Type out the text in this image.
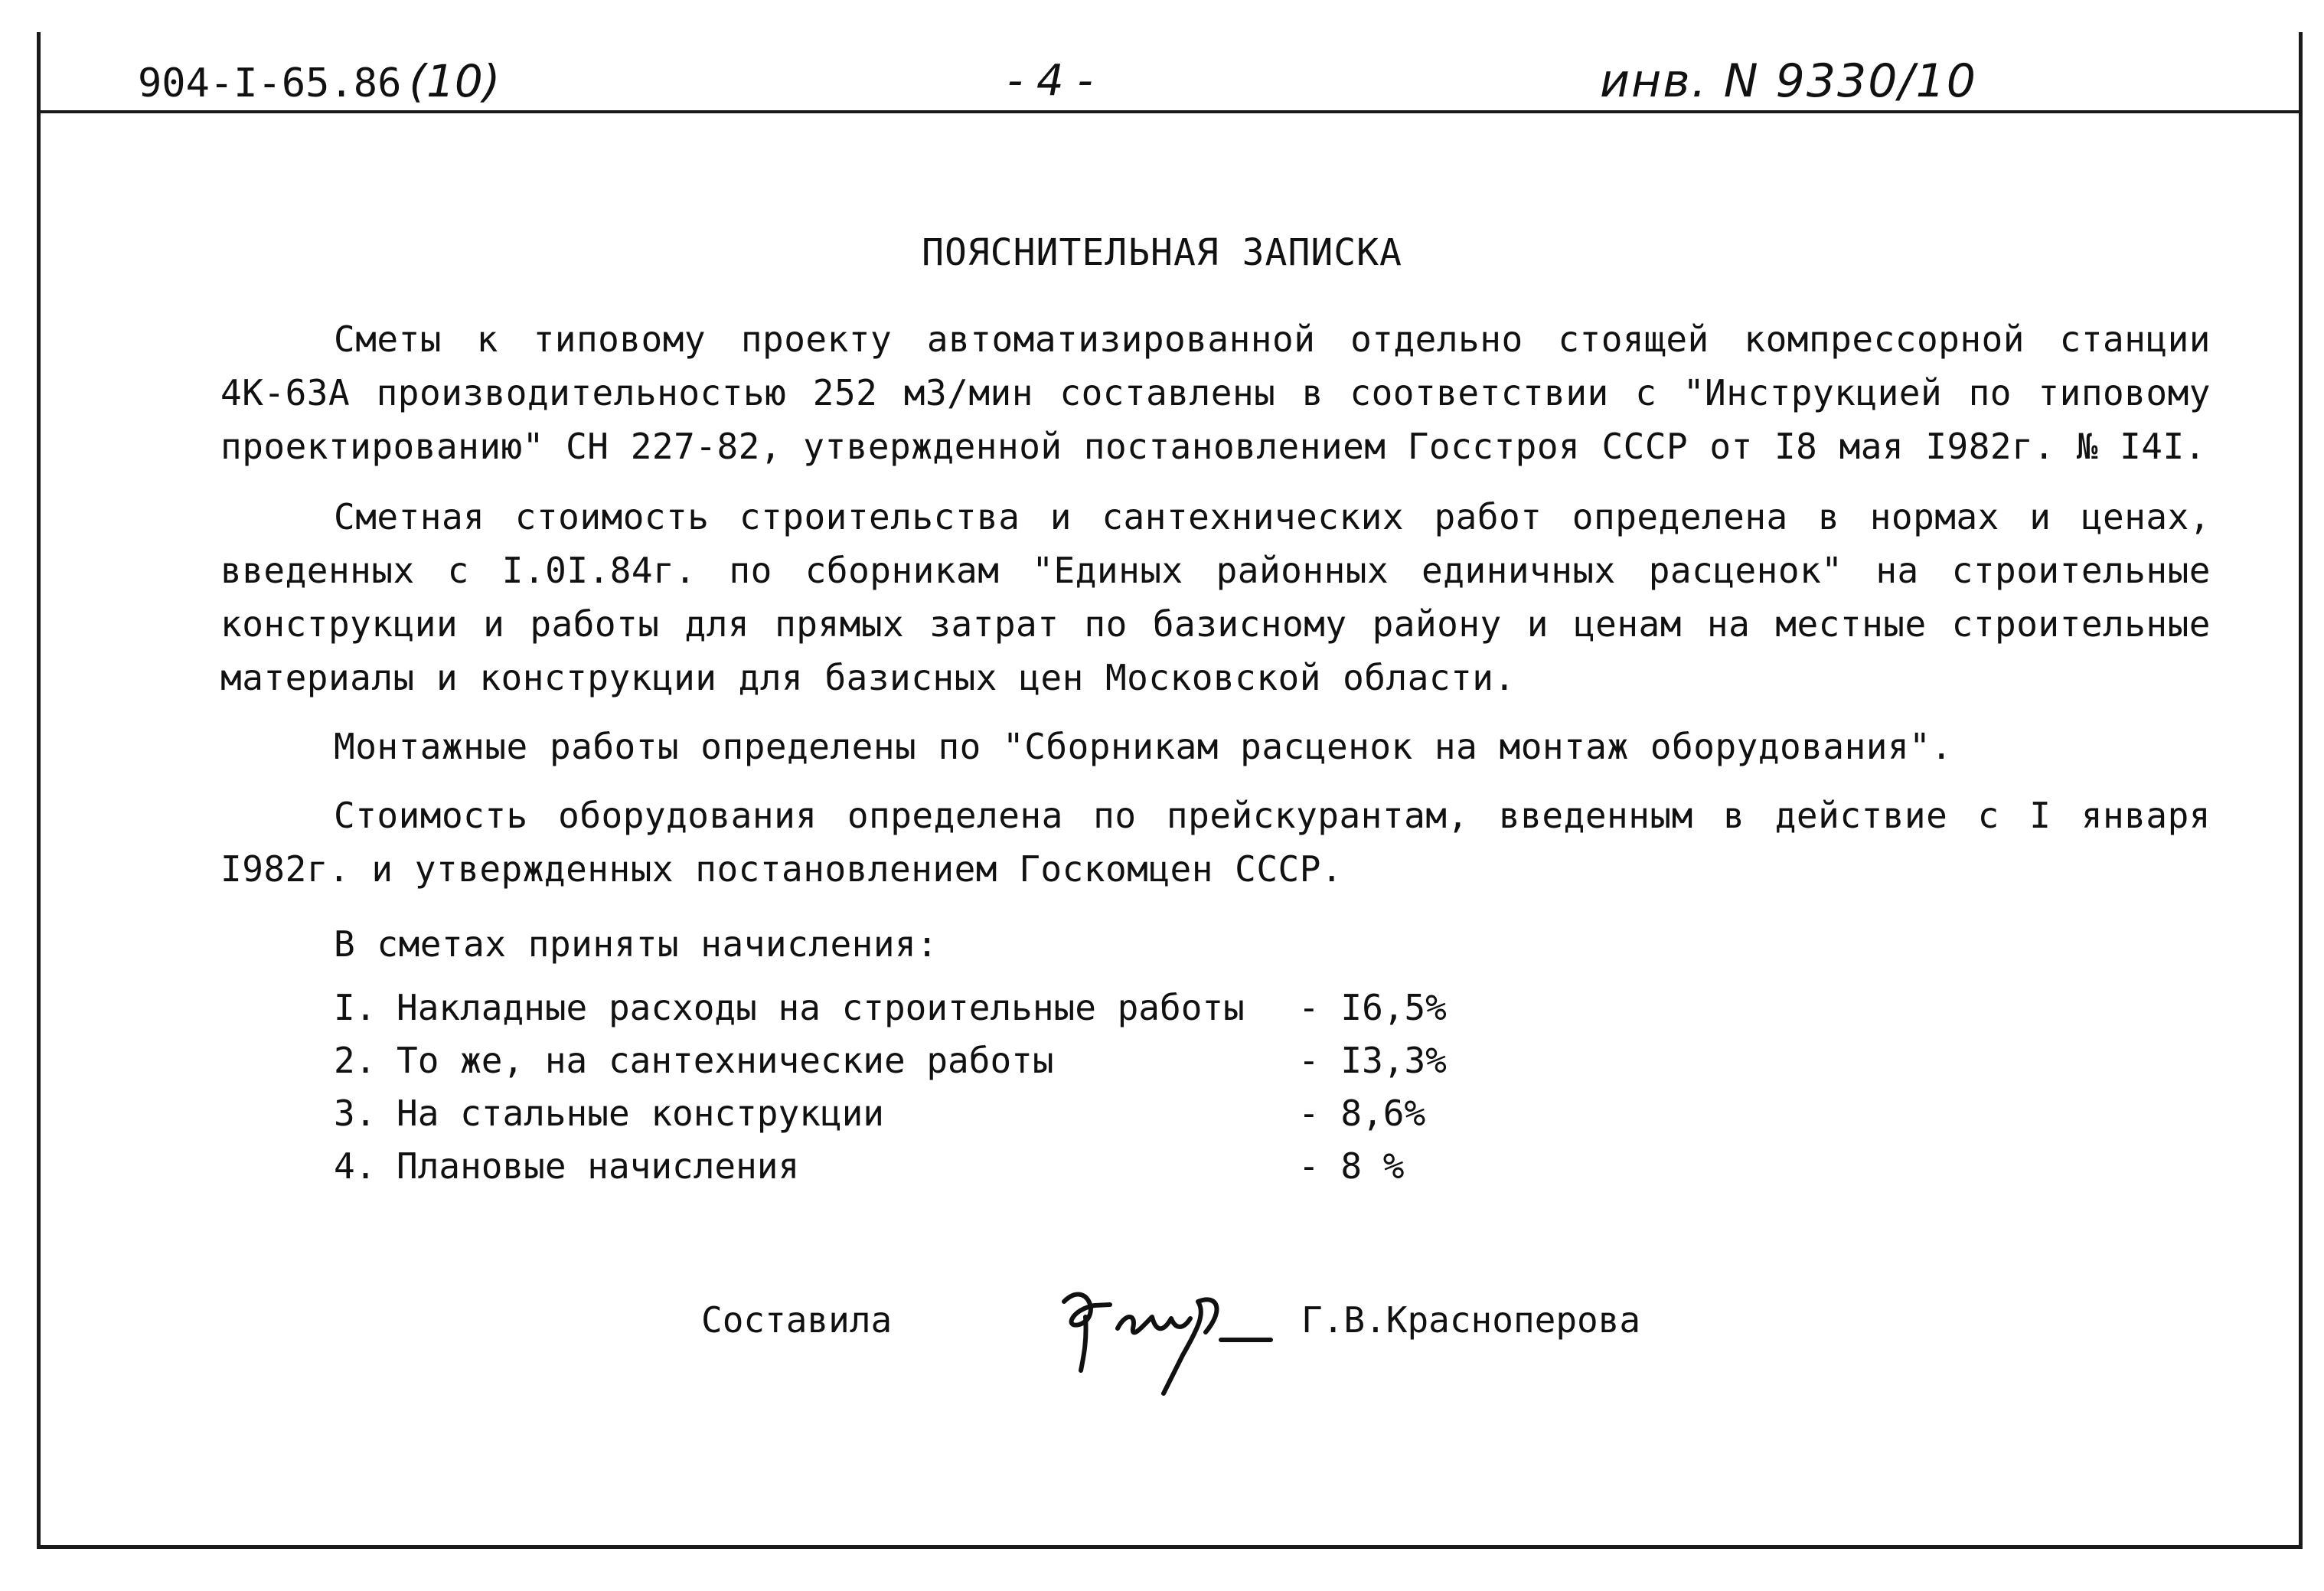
904-I-65.86 (10)	- 4 -	инв. N 9330/10
ПОЯСНИТЕЛЬНАЯ ЗАПИСКА
Сметы к типовому проекту автоматизированной отдельно стоящей компрессорной станции 4К-63А производительностью 252 м3/мин составлены в соответствии с "Инструкцией по типовому проектированию" СН 227-82, утвержденной постановлением Госстроя СССР от I8 мая I982г. № I4I.
Сметная стоимость строительства и сантехнических работ определена в нормах и ценах, введенных с I.0I.84г. по сборникам "Единых районных единичных расценок" на строительные конструкции и работы для прямых затрат по базисному району и ценам на местные строительные материалы и конструкции для базисных цен Московской области.
Монтажные работы определены по "Сборникам расценок на монтаж оборудования".
Стоимость оборудования определена по прейскурантам, введенным в действие с I января I982г. и утвержденных постановлением Госкомцен СССР.
В сметах приняты начисления:
I. Накладные расходы на строительные работы - I6,5%
2. То же, на сантехнические работы	- I3,3%
3. На стальные конструкции	- 8,6%
4. Плановые начисления	- 8 %
Составила	Г.В.Красноперова
